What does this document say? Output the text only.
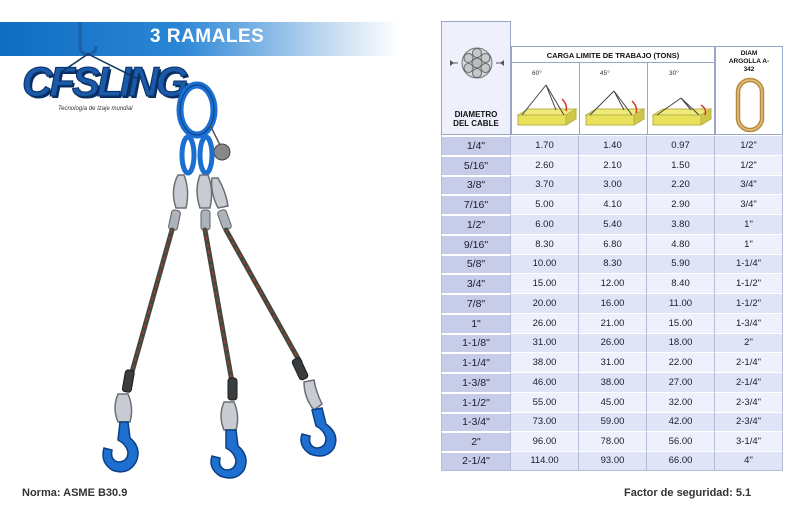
3 RAMALES
CFSLING
Tecnología de Izaje mundial
DIAMETRO DEL CABLE
CARGA LIMITE DE TRABAJO (TONS)
60°	45°	30°
DIAM ARGOLLA A-342
1/4"	1.70	1.40	0.97	1/2"
5/16"	2.60	2.10	1.50	1/2"
3/8"	3.70	3.00	2.20	3/4"
7/16"	5.00	4.10	2.90	3/4"
1/2"	6.00	5.40	3.80	1"
9/16"	8.30	6.80	4.80	1"
5/8"	10.00	8.30	5.90	1-1/4"
3/4"	15.00	12.00	8.40	1-1/2"
7/8"	20.00	16.00	11.00	1-1/2"
1"	26.00	21.00	15.00	1-3/4"
1-1/8"	31.00	26.00	18.00	2"
1-1/4"	38.00	31.00	22.00	2-1/4"
1-3/8"	46.00	38.00	27.00	2-1/4"
1-1/2"	55.00	45.00	32.00	2-3/4"
1-3/4"	73.00	59.00	42.00	2-3/4"
2"	96.00	78.00	56.00	3-1/4"
2-1/4"	114.00	93.00	66.00	4"
Norma: ASME B30.9	Factor de seguridad: 5.1
